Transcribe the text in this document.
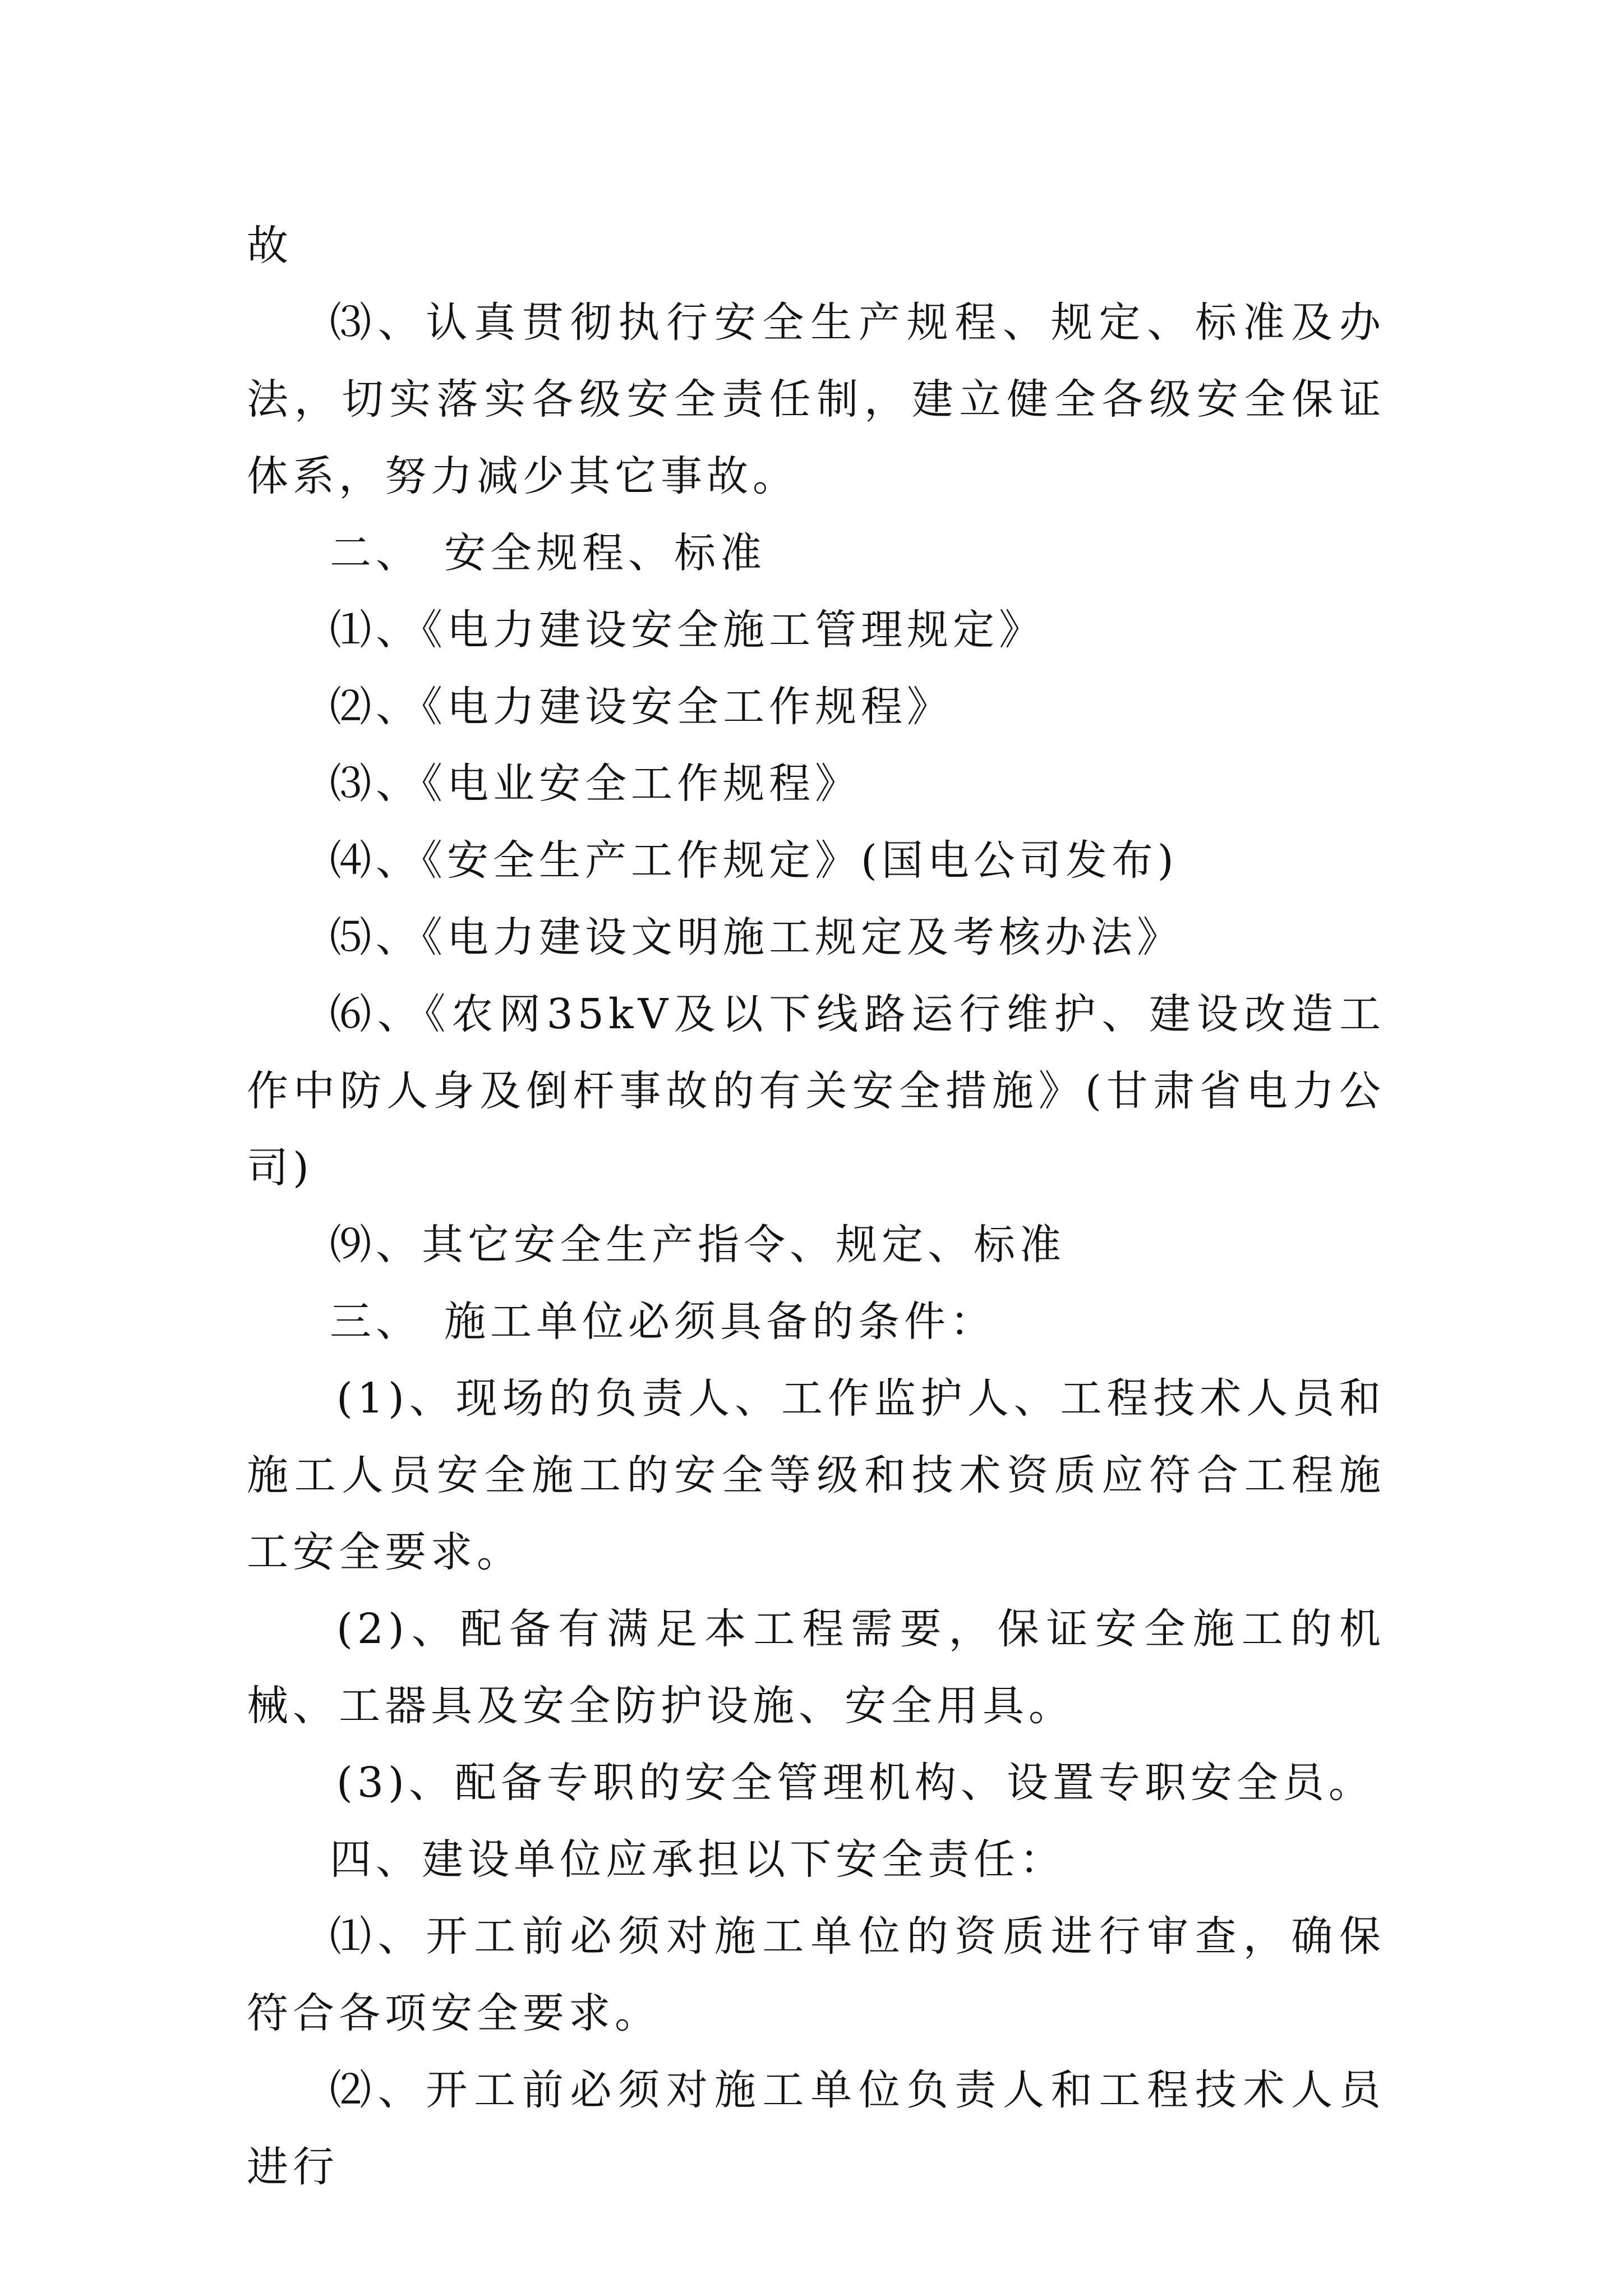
故

⑶、认真贯彻执行安全生产规程、规定、标准及办法，切实落实各级安全责任制，建立健全各级安全保证体系，努力减少其它事故。

二、 安全规程、标准

⑴、《电力建设安全施工管理规定》

⑵、《电力建设安全工作规程》

⑶、《电业安全工作规程》

⑷、《安全生产工作规定》(国电公司发布)

⑸、《电力建设文明施工规定及考核办法》

⑹、《农网35kV及以下线路运行维护、建设改造工作中防人身及倒杆事故的有关安全措施》(甘肃省电力公司)

⑼、其它安全生产指令、规定、标准

三、 施工单位必须具备的条件：

(1)、现场的负责人、工作监护人、工程技术人员和施工人员安全施工的安全等级和技术资质应符合工程施工安全要求。

(2)、配备有满足本工程需要，保证安全施工的机械、工器具及安全防护设施、安全用具。

(3)、配备专职的安全管理机构、设置专职安全员。

四、建设单位应承担以下安全责任：

⑴、开工前必须对施工单位的资质进行审查，确保符合各项安全要求。

⑵、开工前必须对施工单位负责人和工程技术人员进行
